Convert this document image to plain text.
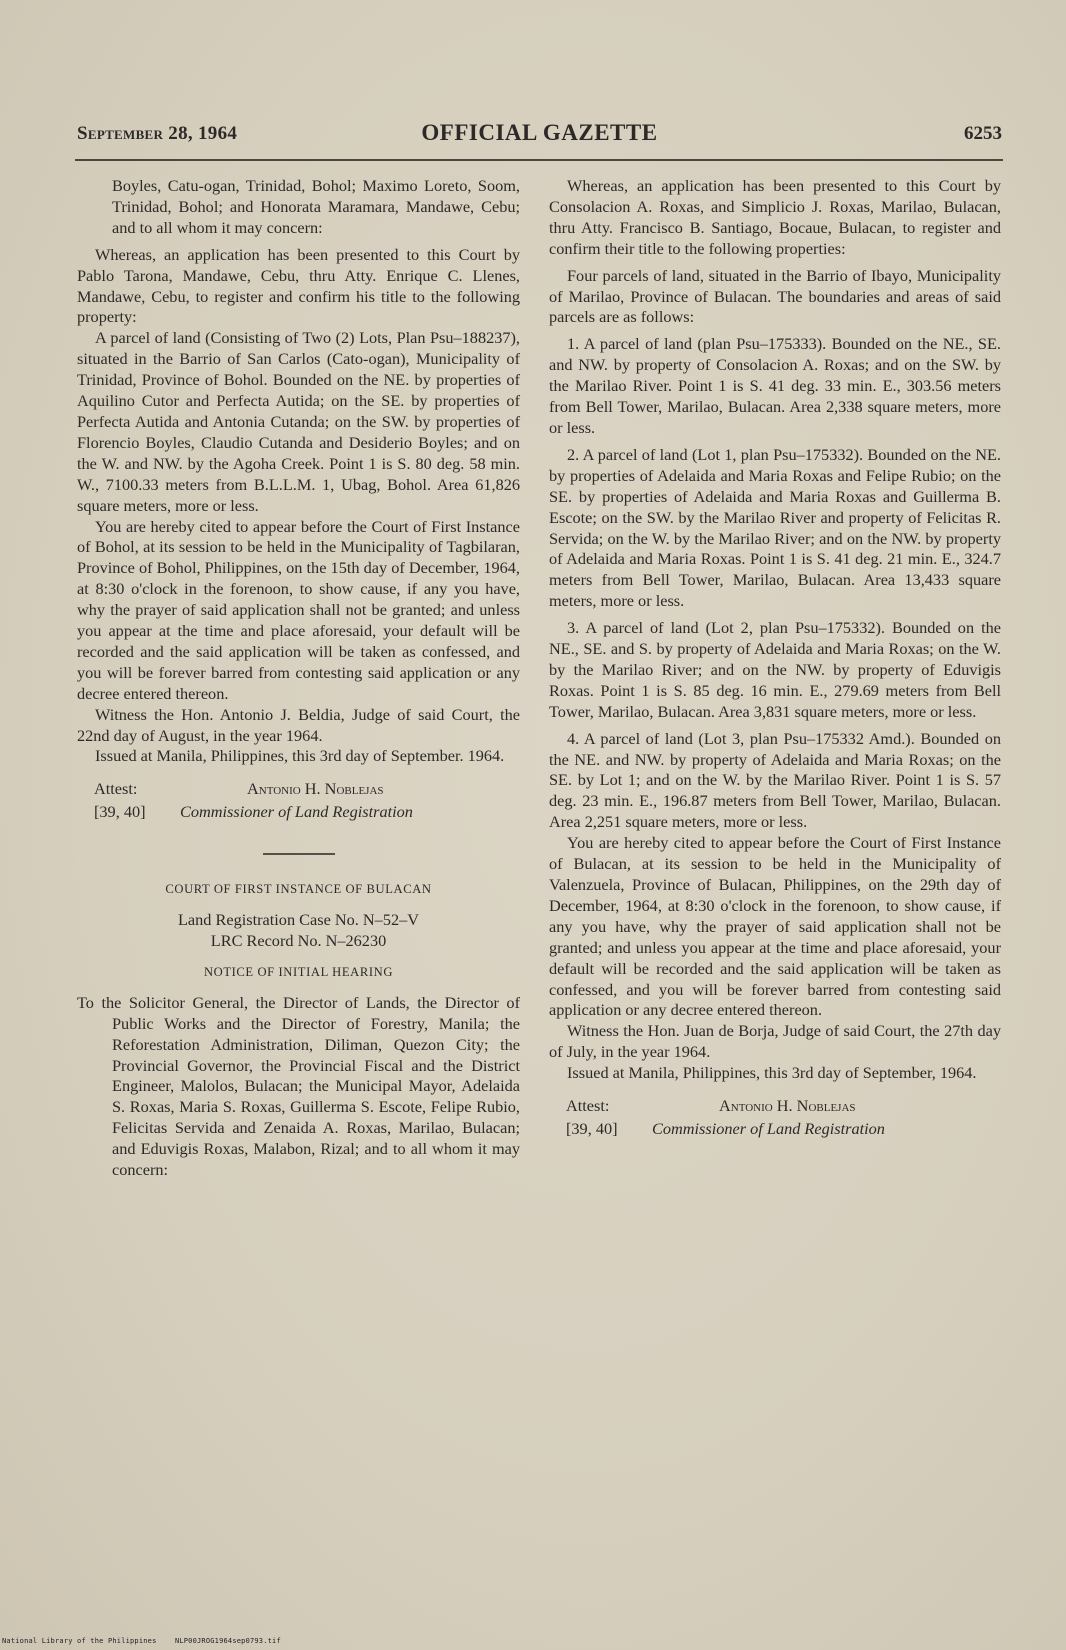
September 28, 1964	OFFICIAL GAZETTE	6253

Boyles, Catu-ogan, Trinidad, Bohol; Maximo Loreto, Soom, Trinidad, Bohol; and Honorata Maramara, Mandawe, Cebu; and to all whom it may concern:

Whereas, an application has been presented to this Court by Pablo Tarona, Mandawe, Cebu, thru Atty. Enrique C. Llenes, Mandawe, Cebu, to register and confirm his title to the following property:

A parcel of land (Consisting of Two (2) Lots, Plan Psu–188237), situated in the Barrio of San Carlos (Cato-ogan), Municipality of Trinidad, Province of Bohol. Bounded on the NE. by properties of Aquilino Cutor and Perfecta Autida; on the SE. by properties of Perfecta Autida and Antonia Cutanda; on the SW. by properties of Florencio Boyles, Claudio Cutanda and Desiderio Boyles; and on the W. and NW. by the Agoha Creek. Point 1 is S. 80 deg. 58 min. W., 7100.33 meters from B.L.L.M. 1, Ubag, Bohol. Area 61,826 square meters, more or less.

You are hereby cited to appear before the Court of First Instance of Bohol, at its session to be held in the Municipality of Tagbilaran, Province of Bohol, Philippines, on the 15th day of December, 1964, at 8:30 o'clock in the forenoon, to show cause, if any you have, why the prayer of said application shall not be granted; and unless you appear at the time and place aforesaid, your default will be recorded and the said application will be taken as confessed, and you will be forever barred from contesting said application or any decree entered thereon.

Witness the Hon. Antonio J. Beldia, Judge of said Court, the 22nd day of August, in the year 1964.

Issued at Manila, Philippines, this 3rd day of September. 1964.

Attest:	Antonio H. Noblejas
[39, 40]	Commissioner of Land Registration
COURT OF FIRST INSTANCE OF BULACAN
Land Registration Case No. N–52–V
LRC Record No. N–26230
NOTICE OF INITIAL HEARING

To the Solicitor General, the Director of Lands, the Director of Public Works and the Director of Forestry, Manila; the Reforestation Administration, Diliman, Quezon City; the Provincial Governor, the Provincial Fiscal and the District Engineer, Malolos, Bulacan; the Municipal Mayor, Adelaida S. Roxas, Maria S. Roxas, Guillerma S. Escote, Felipe Rubio, Felicitas Servida and Zenaida A. Roxas, Marilao, Bulacan; and Eduvigis Roxas, Malabon, Rizal; and to all whom it may concern:

Whereas, an application has been presented to this Court by Consolacion A. Roxas, and Simplicio J. Roxas, Marilao, Bulacan, thru Atty. Francisco B. Santiago, Bocaue, Bulacan, to register and confirm their title to the following properties:

Four parcels of land, situated in the Barrio of Ibayo, Municipality of Marilao, Province of Bulacan. The boundaries and areas of said parcels are as follows:

1. A parcel of land (plan Psu–175333). Bounded on the NE., SE. and NW. by property of Consolacion A. Roxas; and on the SW. by the Marilao River. Point 1 is S. 41 deg. 33 min. E., 303.56 meters from Bell Tower, Marilao, Bulacan. Area 2,338 square meters, more or less.

2. A parcel of land (Lot 1, plan Psu–175332). Bounded on the NE. by properties of Adelaida and Maria Roxas and Felipe Rubio; on the SE. by properties of Adelaida and Maria Roxas and Guillerma B. Escote; on the SW. by the Marilao River and property of Felicitas R. Servida; on the W. by the Marilao River; and on the NW. by property of Adelaida and Maria Roxas. Point 1 is S. 41 deg. 21 min. E., 324.7 meters from Bell Tower, Marilao, Bulacan. Area 13,433 square meters, more or less.

3. A parcel of land (Lot 2, plan Psu–175332). Bounded on the NE., SE. and S. by property of Adelaida and Maria Roxas; on the W. by the Marilao River; and on the NW. by property of Eduvigis Roxas. Point 1 is S. 85 deg. 16 min. E., 279.69 meters from Bell Tower, Marilao, Bulacan. Area 3,831 square meters, more or less.

4. A parcel of land (Lot 3, plan Psu–175332 Amd.). Bounded on the NE. and NW. by property of Adelaida and Maria Roxas; on the SE. by Lot 1; and on the W. by the Marilao River. Point 1 is S. 57 deg. 23 min. E., 196.87 meters from Bell Tower, Marilao, Bulacan. Area 2,251 square meters, more or less.

You are hereby cited to appear before the Court of First Instance of Bulacan, at its session to be held in the Municipality of Valenzuela, Province of Bulacan, Philippines, on the 29th day of December, 1964, at 8:30 o'clock in the forenoon, to show cause, if any you have, why the prayer of said application shall not be granted; and unless you appear at the time and place aforesaid, your default will be recorded and the said application will be taken as confessed, and you will be forever barred from contesting said application or any decree entered thereon.

Witness the Hon. Juan de Borja, Judge of said Court, the 27th day of July, in the year 1964.

Issued at Manila, Philippines, this 3rd day of September, 1964.

Attest:	Antonio H. Noblejas
[39, 40]	Commissioner of Land Registration
National Library of the Philippines	NLP00JROG1964sep0793.tif
